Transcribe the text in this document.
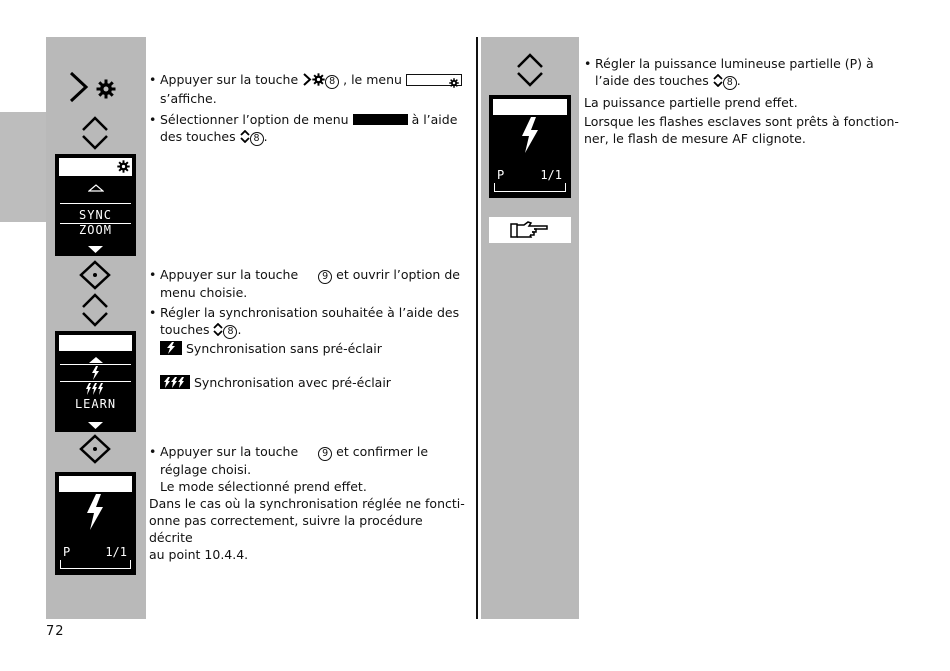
SYNC
ZOOM
LEARN
P	1/1
• Appuyer sur la touche	8 , le menu

s’affiche.
• Sélectionner l’option de menu	à l’aide
des touches 8 .
• Appuyer sur la touche	9 et ouvrir l’option de
menu choisie.
• Régler la synchronisation souhaitée à l’aide des
touches 8 .
Synchronisation sans pré-éclair
Synchronisation avec pré-éclair
• Appuyer sur la touche	9 et confirmer le
réglage choisi.
Le mode sélectionné prend effet.

Dans le cas où la synchronisation réglée ne foncti-

onne pas correctement, suivre la procédure décrite

au point 10.4.4.

P	1/1
• Régler la puissance lumineuse partielle (P) à
l’aide des touches 8 .

La puissance partielle prend effet.

Lorsque les flashes esclaves sont prêts à fonction-

ner, le flash de mesure AF clignote.

72
